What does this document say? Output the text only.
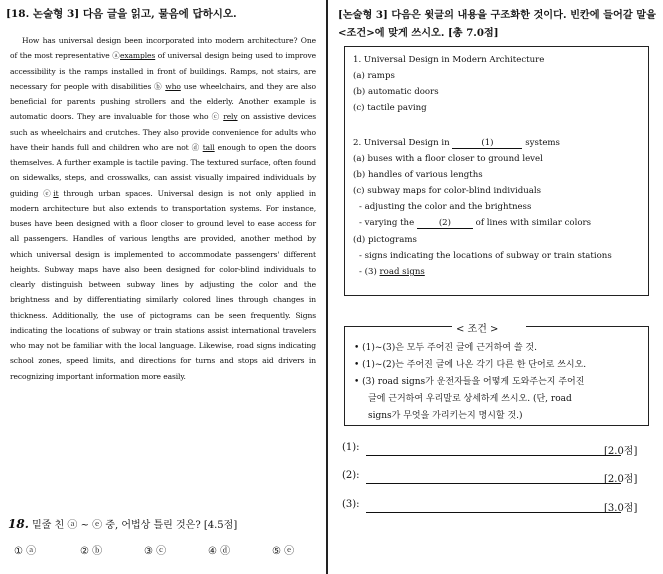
[18. 논술형 3] 다음 글을 읽고, 물음에 답하시오.

How has universal design been incorporated into modern architecture? One of the most representative ⓐexamples of universal design being used to improve accessibility is the ramps installed in front of buildings. Ramps, not stairs, are necessary for people with disabilities ⓑ who use wheelchairs, and they are also beneficial for parents pushing strollers and the elderly. Another example is automatic doors. They are invaluable for those who ⓒ rely on assistive devices such as wheelchairs and crutches. They also provide convenience for adults who have their hands full and children who are not ⓓ tall enough to open the doors themselves. A further example is tactile paving. The textured surface, often found on sidewalks, steps, and crosswalks, can assist visually impaired individuals by guiding ⓔit through urban spaces. Universal design is not only applied in modern architecture but also extends to transportation systems. For instance, buses have been designed with a floor closer to ground level to ease access for all passengers. Handles of various lengths are provided, another method by which universal design is implemented to accommodate passengers' different heights. Subway maps have also been designed for color-blind individuals to clearly distinguish between subway lines by adjusting the color and the brightness and by differentiating similarly colored lines through changes in thickness. Additionally, the use of pictograms can be seen frequently. Signs indicating the locations of subway or train stations assist international travelers who may not be familiar with the local language. Likewise, road signs indicating school zones, speed limits, and directions for turns and stops aid drivers in recognizing important information more easily.

18. 밑줄 친 ⓐ ~ ⓔ 중, 어법상 틀린 것은? [4.5점]
① ⓐ	② ⓑ	③ ⓒ	④ ⓓ	⑤ ⓔ
[논술형 3] 다음은 윗글의 내용을 구조화한 것이다. 빈칸에 들어갈 말을 <조건>에 맞게 쓰시오. [총 7.0점]
1. Universal Design in Modern Architecture
(a) ramps
(b) automatic doors
(c) tactile paving
2. Universal Design in	(1)	systems
(a) buses with a floor closer to ground level
(b) handles of various lengths
(c) subway maps for color-blind individuals
- adjusting the color and the brightness
- varying the	(2)	of lines with similar colors
(d) pictograms
- signs indicating the locations of subway or train stations
- (3) road signs
< 조건 >
• (1)~(3)은 모두 주어진 글에 근거하여 쓸 것.
• (1)~(2)는 주어진 글에 나온 각기 다른 한 단어로 쓰시오.
• (3) road signs가 운전자들을 어떻게 도와주는지 주어진
글에 근거하여 우리말로 상세하게 쓰시오. (단, road
signs가 무엇을 가리키는지 명시할 것.)
(1):	[2.0점]
(2):	[2.0점]
(3):	[3.0점]
